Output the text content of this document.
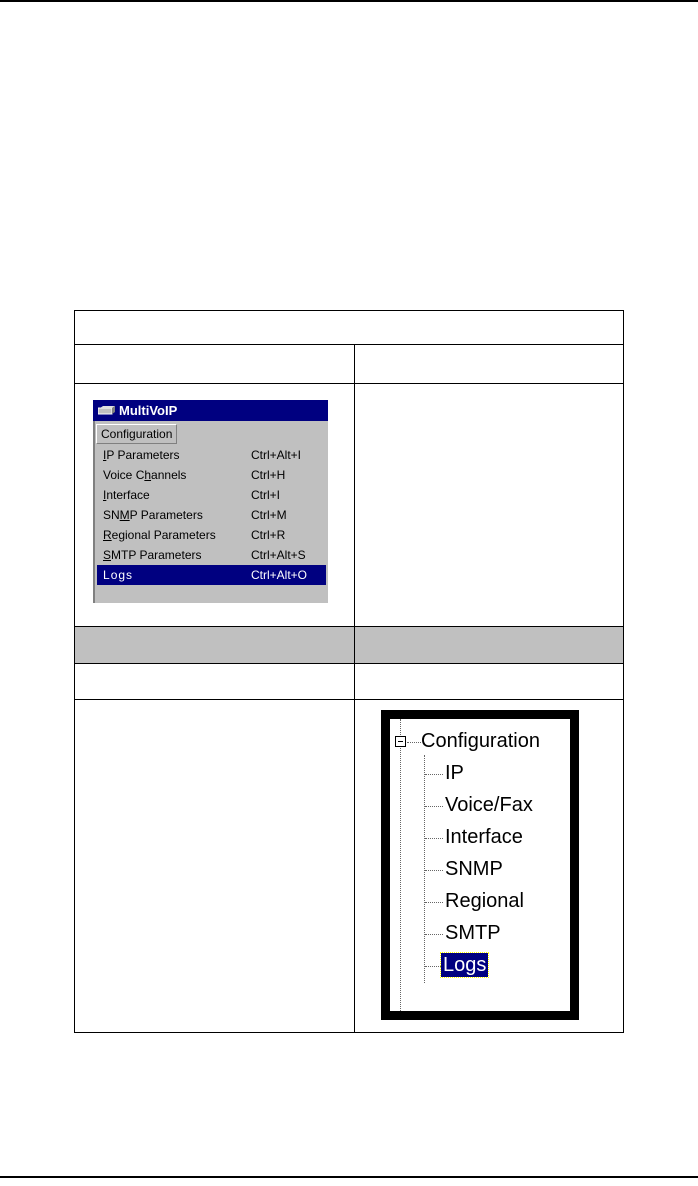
MultiVoIP
Configuration
IP Parameters	Ctrl+Alt+I
Voice Channels	Ctrl+H
Interface	Ctrl+I
SNMP Parameters	Ctrl+M
Regional Parameters	Ctrl+R
SMTP Parameters	Ctrl+Alt+S
Logs	Ctrl+Alt+O
Configuration
IP
Voice/Fax
Interface
SNMP
Regional
SMTP
Logs
